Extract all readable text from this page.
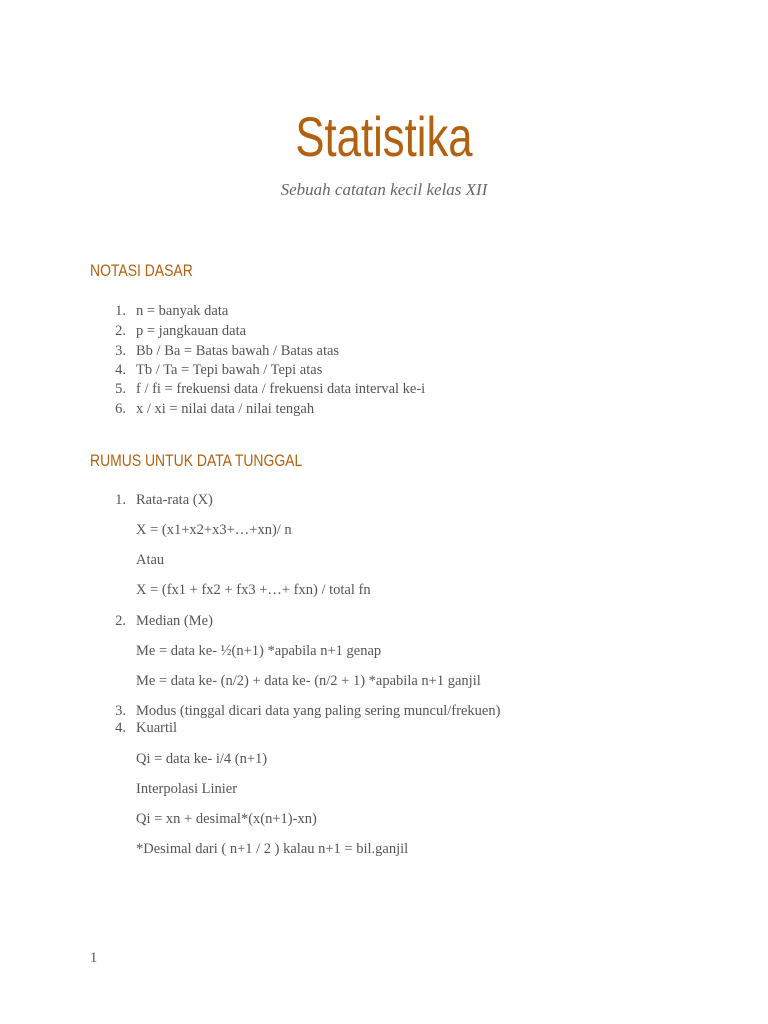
Statistika
Sebuah catatan kecil kelas XII
NOTASI DASAR
1. n = banyak data
2. p = jangkauan data
3. Bb / Ba = Batas bawah / Batas atas
4. Tb / Ta = Tepi bawah / Tepi atas
5. f / fi = frekuensi data / frekuensi data interval ke-i
6. x / xi = nilai data / nilai tengah
RUMUS UNTUK DATA TUNGGAL
1. Rata-rata (X)
X = (x1+x2+x3+…+xn)/ n
Atau
X = (fx1 + fx2 + fx3 +…+ fxn) / total fn
2. Median (Me)
Me = data ke- ½(n+1) *apabila n+1 genap
Me = data ke- (n/2) + data ke- (n/2 + 1) *apabila n+1 ganjil
3. Modus (tinggal dicari data yang paling sering muncul/frekuen)
4. Kuartil
Qi = data ke- i/4 (n+1)
Interpolasi Linier
Qi = xn + desimal*(x(n+1)-xn)
*Desimal dari ( n+1 / 2 ) kalau n+1 = bil.ganjil
1
